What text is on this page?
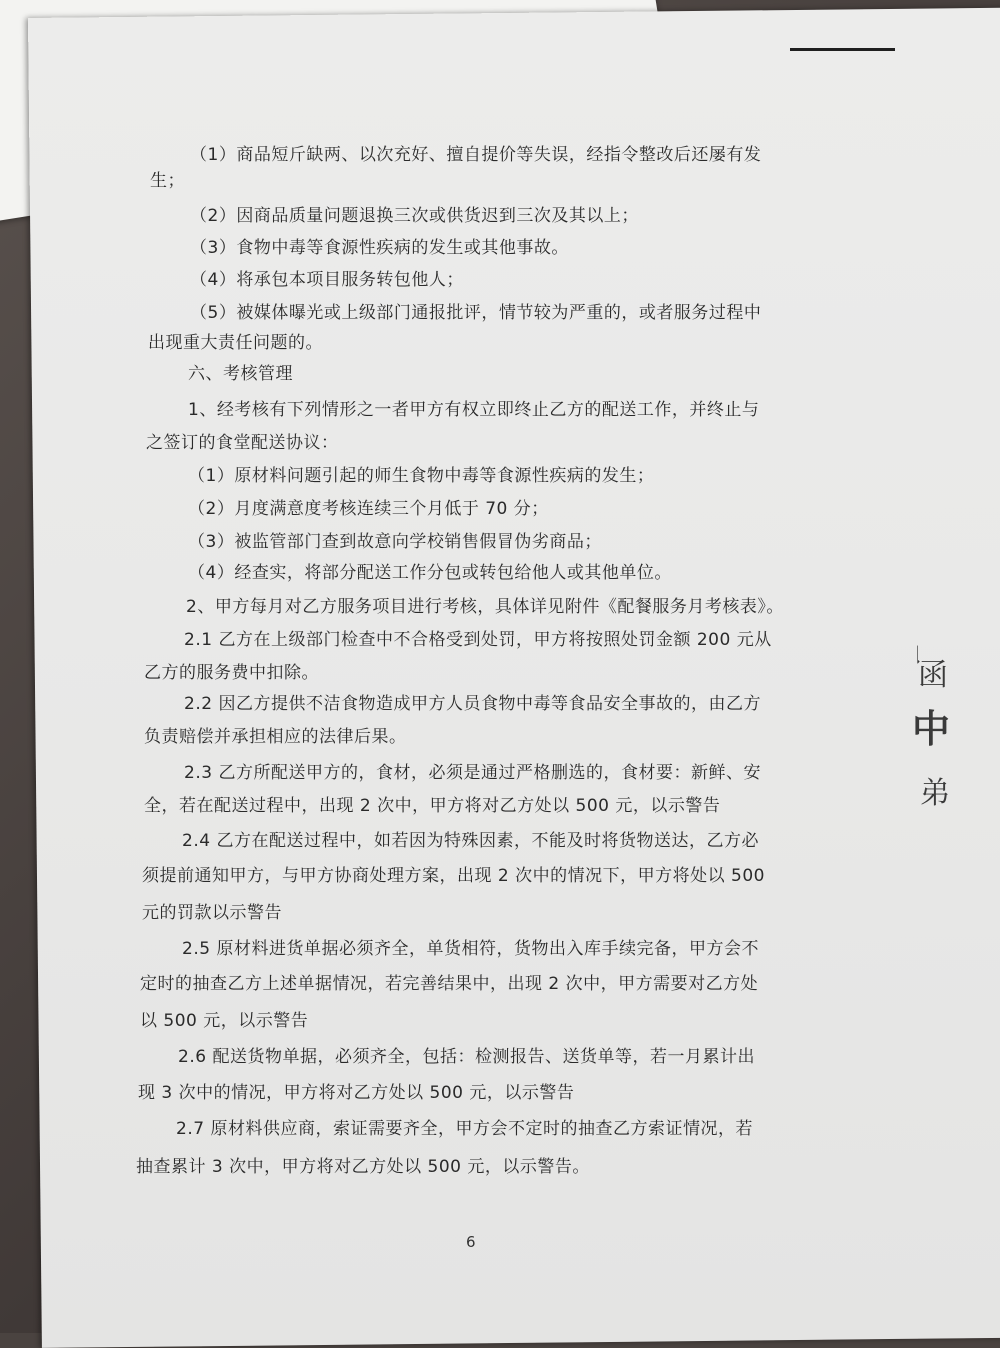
（1）商品短斤缺两、以次充好、擅自提价等失误，经指令整改后还屡有发
生；
（2）因商品质量问题退换三次或供货迟到三次及其以上；
（3）食物中毒等食源性疾病的发生或其他事故。
（4）将承包本项目服务转包他人；
（5）被媒体曝光或上级部门通报批评，情节较为严重的，或者服务过程中
出现重大责任问题的。
六、考核管理
1、经考核有下列情形之一者甲方有权立即终止乙方的配送工作，并终止与
之签订的食堂配送协议：
（1）原材料问题引起的师生食物中毒等食源性疾病的发生；
（2）月度满意度考核连续三个月低于 70 分；
（3）被监管部门查到故意向学校销售假冒伪劣商品；
（4）经查实，将部分配送工作分包或转包给他人或其他单位。
2、甲方每月对乙方服务项目进行考核，具体详见附件《配餐服务月考核表》。
2.1 乙方在上级部门检查中不合格受到处罚，甲方将按照处罚金额 200 元从
乙方的服务费中扣除。
2.2 因乙方提供不洁食物造成甲方人员食物中毒等食品安全事故的，由乙方
负责赔偿并承担相应的法律后果。
2.3 乙方所配送甲方的，食材，必须是通过严格删选的，食材要：新鲜、安
全，若在配送过程中，出现 2 次中，甲方将对乙方处以 500 元，以示警告
2.4 乙方在配送过程中，如若因为特殊因素，不能及时将货物送达，乙方必
须提前通知甲方，与甲方协商处理方案，出现 2 次中的情况下，甲方将处以 500
元的罚款以示警告
2.5 原材料进货单据必须齐全，单货相符，货物出入库手续完备，甲方会不
定时的抽查乙方上述单据情况，若完善结果中，出现 2 次中，甲方需要对乙方处
以 500 元，以示警告
2.6 配送货物单据，必须齐全，包括：检测报告、送货单等，若一月累计出
现 3 次中的情况，甲方将对乙方处以 500 元，以示警告
2.7 原材料供应商，索证需要齐全，甲方会不定时的抽查乙方索证情况，若
抽查累计 3 次中，甲方将对乙方处以 500 元，以示警告。
6
一
函
中
弟
